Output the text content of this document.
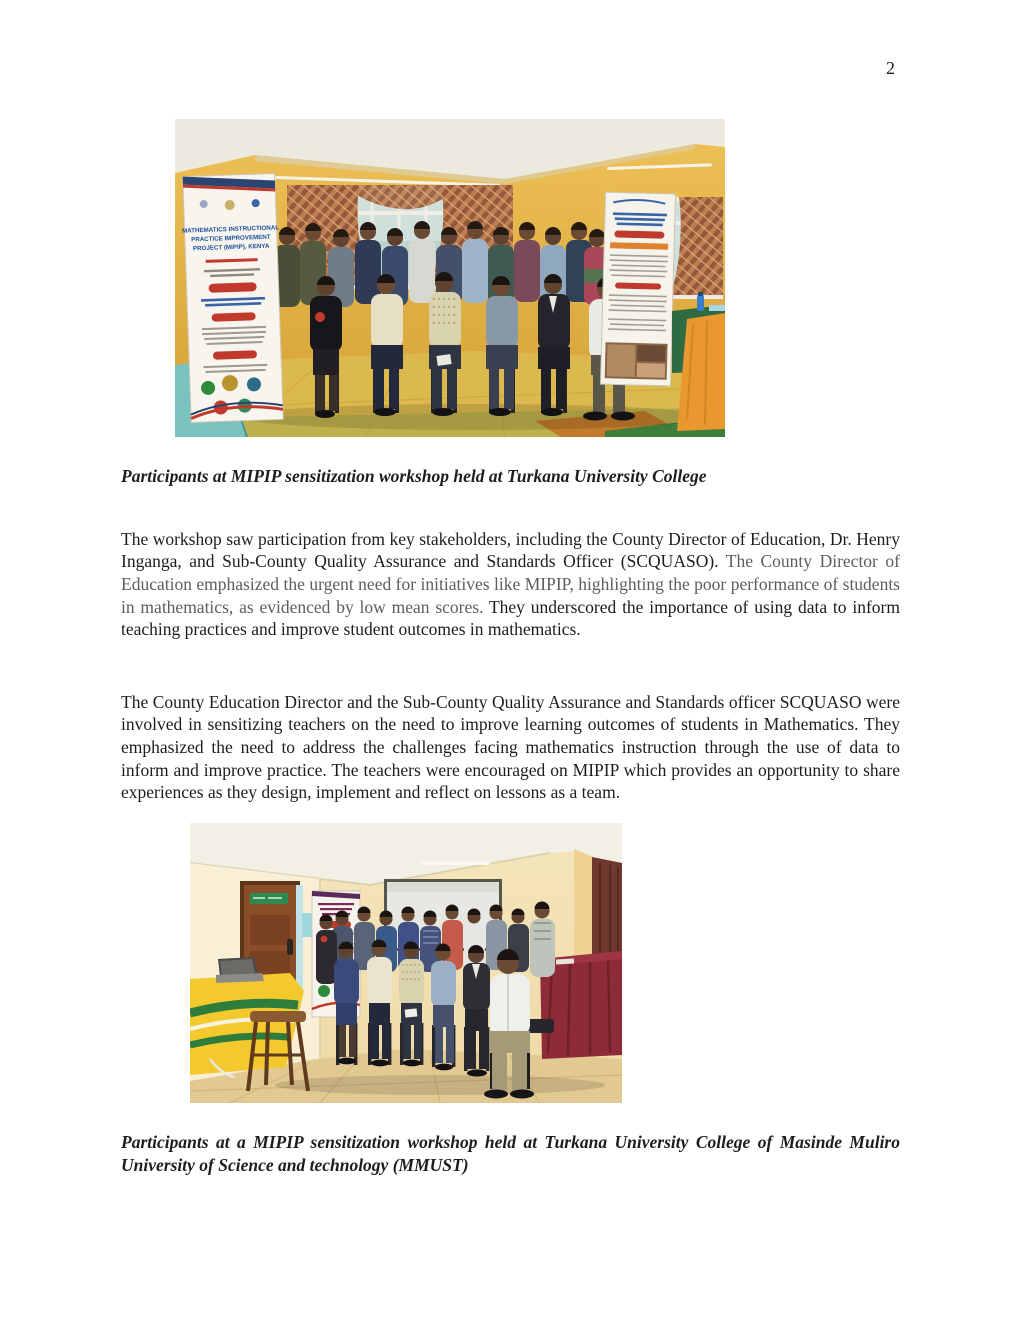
2
MATHEMATICS INSTRUCTIONAL
PRACTICE IMPROVEMENT
PROJECT (MIPIP), KENYA
Participants at MIPIP sensitization workshop held at Turkana University College

The workshop saw participation from key stakeholders, including the County Director of Education, Dr. Henry Inganga, and Sub-County Quality Assurance and Standards Officer (SCQUASO). The County Director of Education emphasized the urgent need for initiatives like MIPIP, highlighting the poor performance of students in mathematics, as evidenced by low mean scores. They underscored the importance of using data to inform teaching practices and improve student outcomes in mathematics.

The County Education Director and the Sub-County Quality Assurance and Standards officer SCQUASO were involved in sensitizing teachers on the need to improve learning outcomes of students in Mathematics. They emphasized the need to address the challenges facing mathematics instruction through the use of data to inform and improve practice. The teachers were encouraged on MIPIP which provides an opportunity to share experiences as they design, implement and reflect on lessons as a team.

Participants at a MIPIP sensitization workshop held at Turkana University College of Masinde Muliro University of Science and technology (MMUST)
